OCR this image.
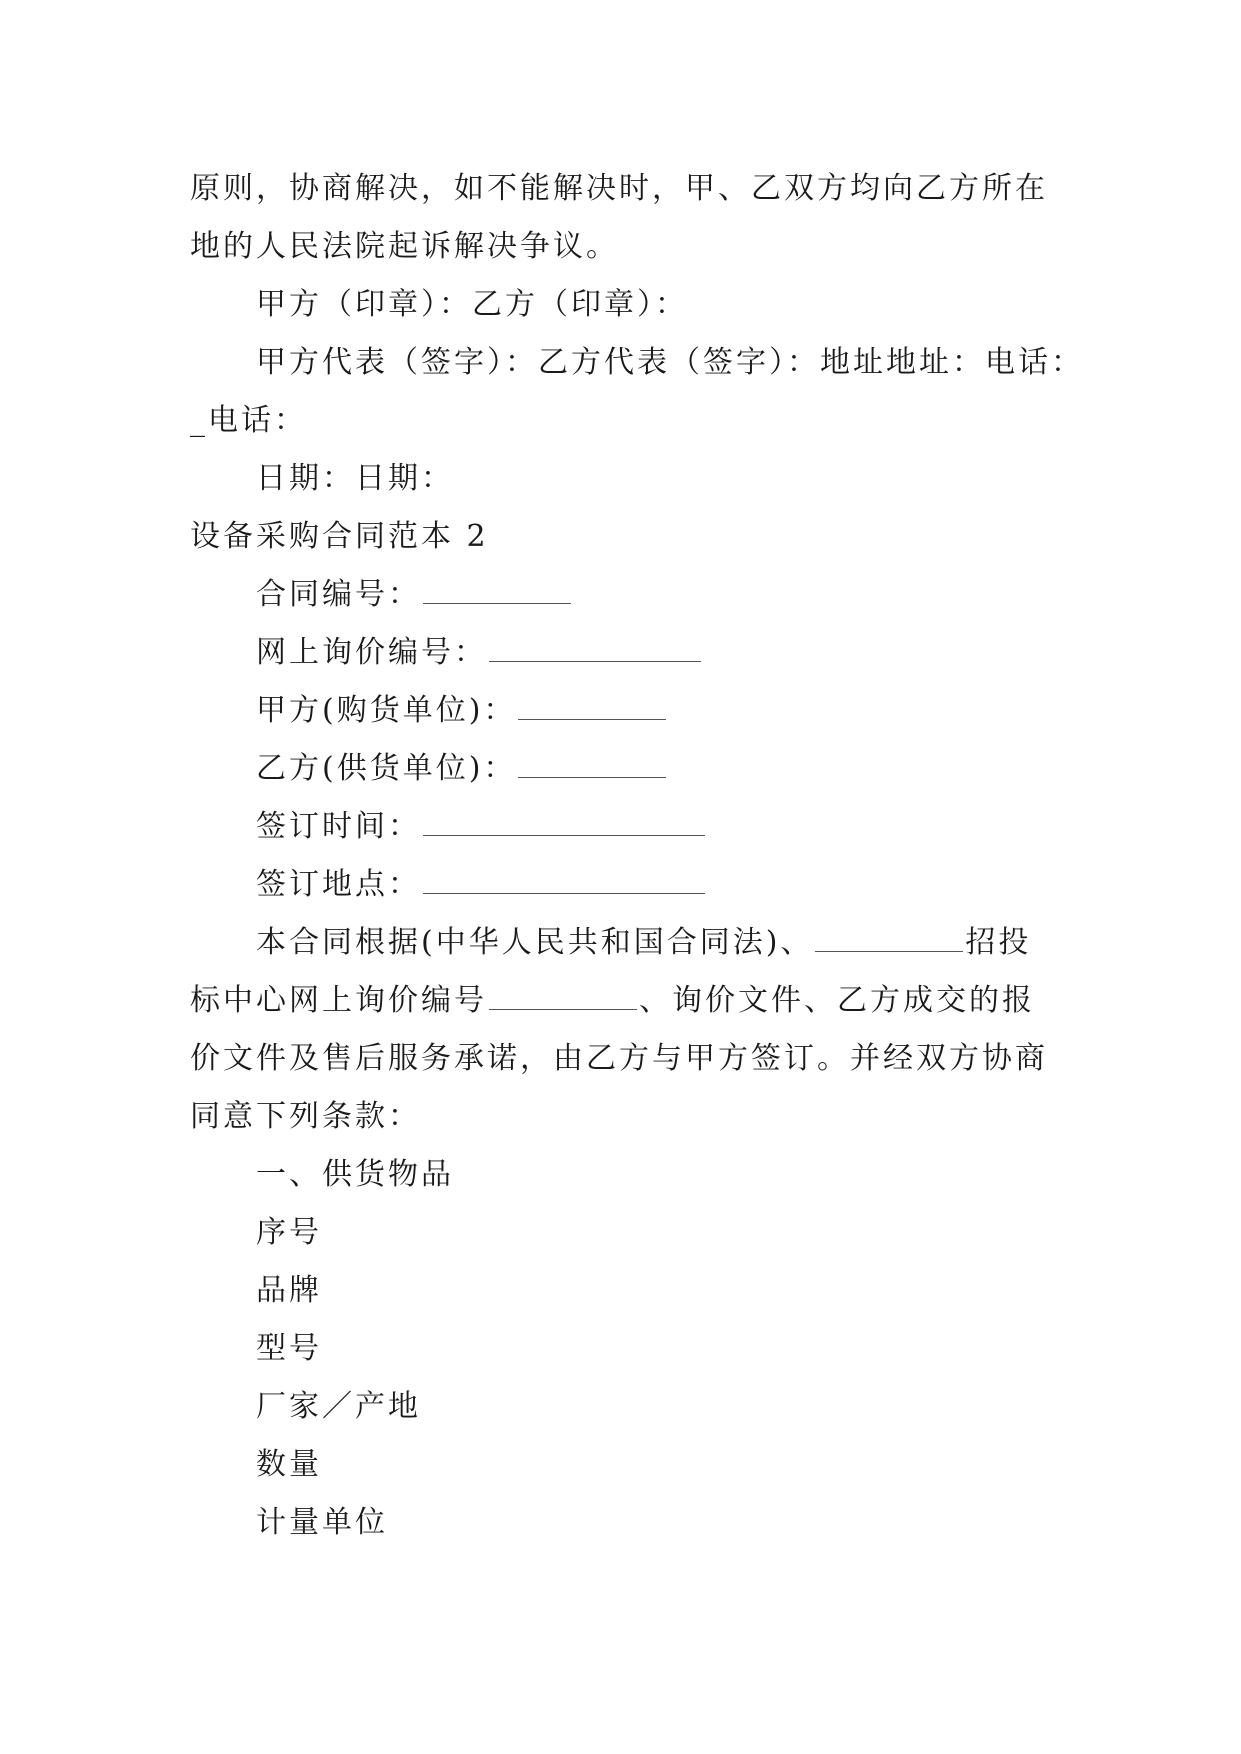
原则，协商解决，如不能解决时，甲、乙双方均向乙方所在
地的人民法院起诉解决争议。
甲方（印章）：乙方（印章）：
甲方代表（签字）：乙方代表（签字）：地址地址：电话：
_电话：
日期：日期：
设备采购合同范本 2
合同编号：
网上询价编号：
甲方(购货单位)：
乙方(供货单位)：
签订时间：
签订地点：
本合同根据(中华人民共和国合同法)、	招投
标中心网上询价编号	、询价文件、乙方成交的报
价文件及售后服务承诺，由乙方与甲方签订。并经双方协商
同意下列条款：
一、供货物品
序号
品牌
型号
厂家／产地
数量
计量单位
